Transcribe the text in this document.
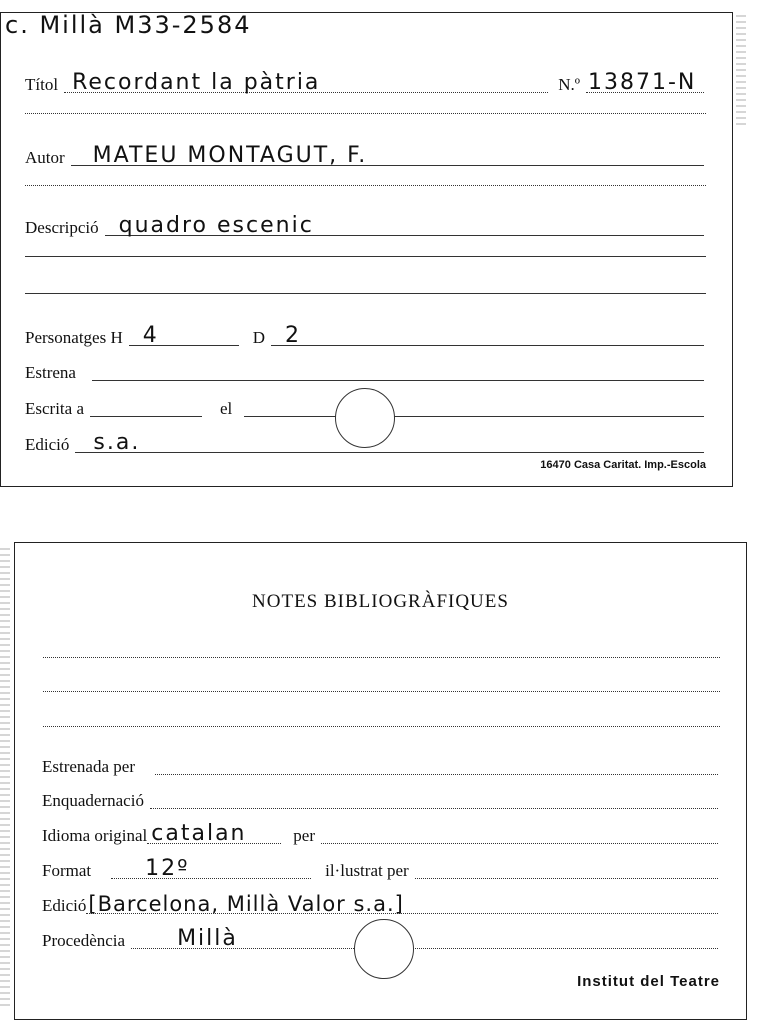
c. Millà M33-2584
Títol Recordant la pàtria	N.º 13871-N
Autor MATEU MONTAGUT, F.
Descripció quadro escenic
Personatges H 4	D 2
Estrena
Escrita a	el
Edició s.a.
16470 Casa Caritat. Imp.-Escola
NOTES BIBLIOGRÀFIQUES
Estrenada per
Enquadernació
Idioma original catalan	per
Format 12º	il·lustrat per
Edició [Barcelona, Millà Valor s.a.]
Procedència Millà
Institut del Teatre
